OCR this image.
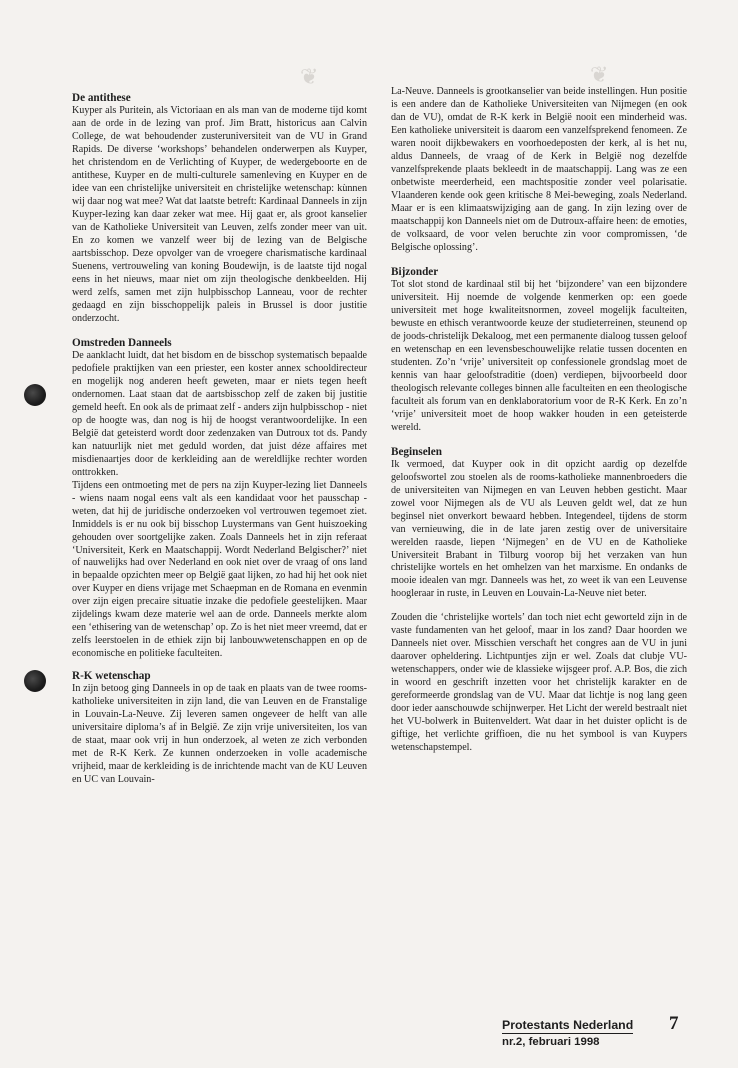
❦	❦
De antithese

Kuyper als Puritein, als Victoriaan en als man van de moderne tijd komt aan de orde in de lezing van prof. Jim Bratt, historicus aan Calvin College, de wat behoudender zusteruniversiteit van de VU in Grand Rapids. De diverse ‘workshops’ behandelen onderwerpen als Kuyper, het christendom en de Verlichting of Kuyper, de wedergeboorte en de antithese, Kuyper en de multi-culturele samenleving en Kuyper en de idee van een christelijke universiteit en christelijke wetenschap: kùnnen wij daar nog wat mee? Wat dat laatste betreft: Kardinaal Danneels in zijn Kuyper-lezing kan daar zeker wat mee. Hij gaat er, als groot kanselier van de Katholieke Universiteit van Leuven, zelfs zonder meer van uit. En zo komen we vanzelf weer bij de lezing van de Belgische aartsbisschop. Deze opvolger van de vroegere charismatische kardinaal Suenens, vertrouweling van koning Boudewijn, is de laatste tijd nogal eens in het nieuws, maar niet om zijn theologische denkbeelden. Hij werd zelfs, samen met zijn hulpbisschop Lanneau, voor de rechter gedaagd en zijn bisschoppelijk paleis in Brussel is door justitie onderzocht.

Omstreden Danneels

De aanklacht luidt, dat het bisdom en de bisschop systematisch bepaalde pedofiele praktijken van een priester, een koster annex schooldirecteur en mogelijk nog anderen heeft geweten, maar er niets tegen heeft ondernomen. Laat staan dat de aartsbisschop zelf de zaken bij justitie gemeld heeft. En ook als de primaat zelf - anders zijn hulpbisschop - niet op de hoogte was, dan nog is hij de hoogst verantwoordelijke. In een België dat geteisterd wordt door zedenzaken van Dutroux tot ds. Pandy kan natuurlijk niet met geduld worden, dat juist déze affaires met misdienaartjes door de kerkleiding aan de wereldlijke rechter worden onttrokken.

Tijdens een ontmoeting met de pers na zijn Kuyper-lezing liet Danneels - wiens naam nogal eens valt als een kandidaat voor het pausschap - weten, dat hij de juridische onderzoeken vol vertrouwen tegemoet ziet. Inmiddels is er nu ook bij bisschop Luystermans van Gent huiszoeking gehouden over soortgelijke zaken. Zoals Danneels het in zijn referaat ‘Universiteit, Kerk en Maatschappij. Wordt Nederland Belgischer?’ niet of nauwelijks had over Nederland en ook niet over de vraag of ons land in bepaalde opzichten meer op België gaat lijken, zo had hij het ook niet over Kuyper en diens vrijage met Schaepman en de Romana en evenmin over zijn eigen precaire situatie inzake die pedofiele geestelijken. Maar zijdelings kwam deze materie wel aan de orde. Danneels merkte alom een ‘ethisering van de wetenschap’ op. Zo is het niet meer vreemd, dat er zelfs leerstoelen in de ethiek zijn bij lanbouwwetenschappen en op de economische en politieke faculteiten.

R-K wetenschap

In zijn betoog ging Danneels in op de taak en plaats van de twee rooms-katholieke universiteiten in zijn land, die van Leuven en de Franstalige in Louvain-La-Neuve. Zij leveren samen ongeveer de helft van alle universitaire diploma’s af in België. Ze zijn vrije universiteiten, los van de staat, maar ook vrij in hun onderzoek, al weten ze zich verbonden met de R-K Kerk. Ze kunnen onderzoeken in volle academische vrijheid, maar de kerkleiding is de inrichtende macht van de KU Leuven en UC van Louvain-

La-Neuve. Danneels is grootkanselier van beide instellingen. Hun positie is een andere dan de Katholieke Universiteiten van Nijmegen (en ook dan de VU), omdat de R-K kerk in België nooit een minderheid was. Een katholieke universiteit is daarom een vanzelfsprekend fenomeen. Ze waren nooit dijkbewakers en voorhoedeposten der kerk, al is het nu, aldus Danneels, de vraag of de Kerk in België nog dezelfde vanzelfsprekende plaats bekleedt in de maatschappij. Lang was ze een onbetwiste meerderheid, een machtspositie zonder veel polarisatie. Vlaanderen kende ook geen kritische 8 Mei-beweging, zoals Nederland. Maar er is een klimaatswijziging aan de gang. In zijn lezing over de maatschappij kon Danneels niet om de Dutroux-affaire heen: de emoties, de volksaard, de voor velen beruchte zin voor compromissen, ‘de Belgische oplossing’.

Bijzonder

Tot slot stond de kardinaal stil bij het ‘bijzondere’ van een bijzondere universiteit. Hij noemde de volgende kenmerken op: een goede universiteit met hoge kwaliteitsnormen, zoveel mogelijk faculteiten, bewuste en ethisch verantwoorde keuze der studieterreinen, steunend op de joods-christelijk Dekaloog, met een permanente dialoog tussen geloof en wetenschap en een levensbeschouwelijke relatie tussen docenten en studenten. Zo’n ‘vrije’ universiteit op confessionele grondslag moet de kennis van haar geloofstraditie (doen) verdiepen, bijvoorbeeld door theologisch relevante colleges binnen alle faculteiten en een theologische faculteit als forum van en denklaboratorium voor de R-K Kerk. En zo’n ‘vrije’ universiteit moet de hoop wakker houden in een geteisterde wereld.

Beginselen

Ik vermoed, dat Kuyper ook in dit opzicht aardig op dezelfde geloofswortel zou stoelen als de rooms-katholieke mannenbroeders die de universiteiten van Nijmegen en van Leuven hebben gesticht. Maar zowel voor Nijmegen als de VU als Leuven geldt wel, dat ze hun beginsel niet onverkort bewaard hebben. Integendeel, tijdens de storm van vernieuwing, die in de late jaren zestig over de universitaire werelden raasde, liepen ‘Nijmegen’ en de VU en de Katholieke Universiteit Brabant in Tilburg voorop bij het verzaken van hun christelijke wortels en het omhelzen van het marxisme. En ondanks de mooie idealen van mgr. Danneels was het, zo weet ik van een Leuvense hoogleraar in ruste, in Leuven en Louvain-La-Neuve niet beter.

Zouden die ‘christelijke wortels’ dan toch niet echt geworteld zijn in de vaste fundamenten van het geloof, maar in los zand? Daar hoorden we Danneels niet over. Misschien verschaft het congres aan de VU in juni daarover opheldering. Lichtpuntjes zijn er wel. Zoals dat clubje VU-wetenschappers, onder wie de klassieke wijsgeer prof. A.P. Bos, die zich in woord en geschrift inzetten voor het christelijk karakter en de gereformeerde grondslag van de VU. Maar dat lichtje is nog lang geen door ieder aanschouwde schijnwerper. Het Licht der wereld bestraalt niet het VU-bolwerk in Buitenveldert. Wat daar in het duister oplicht is de giftige, het verlichte griffioen, die nu het symbool is van Kuypers wetenschapstempel.

Protestants Nederland
nr.2, februari 1998
7
